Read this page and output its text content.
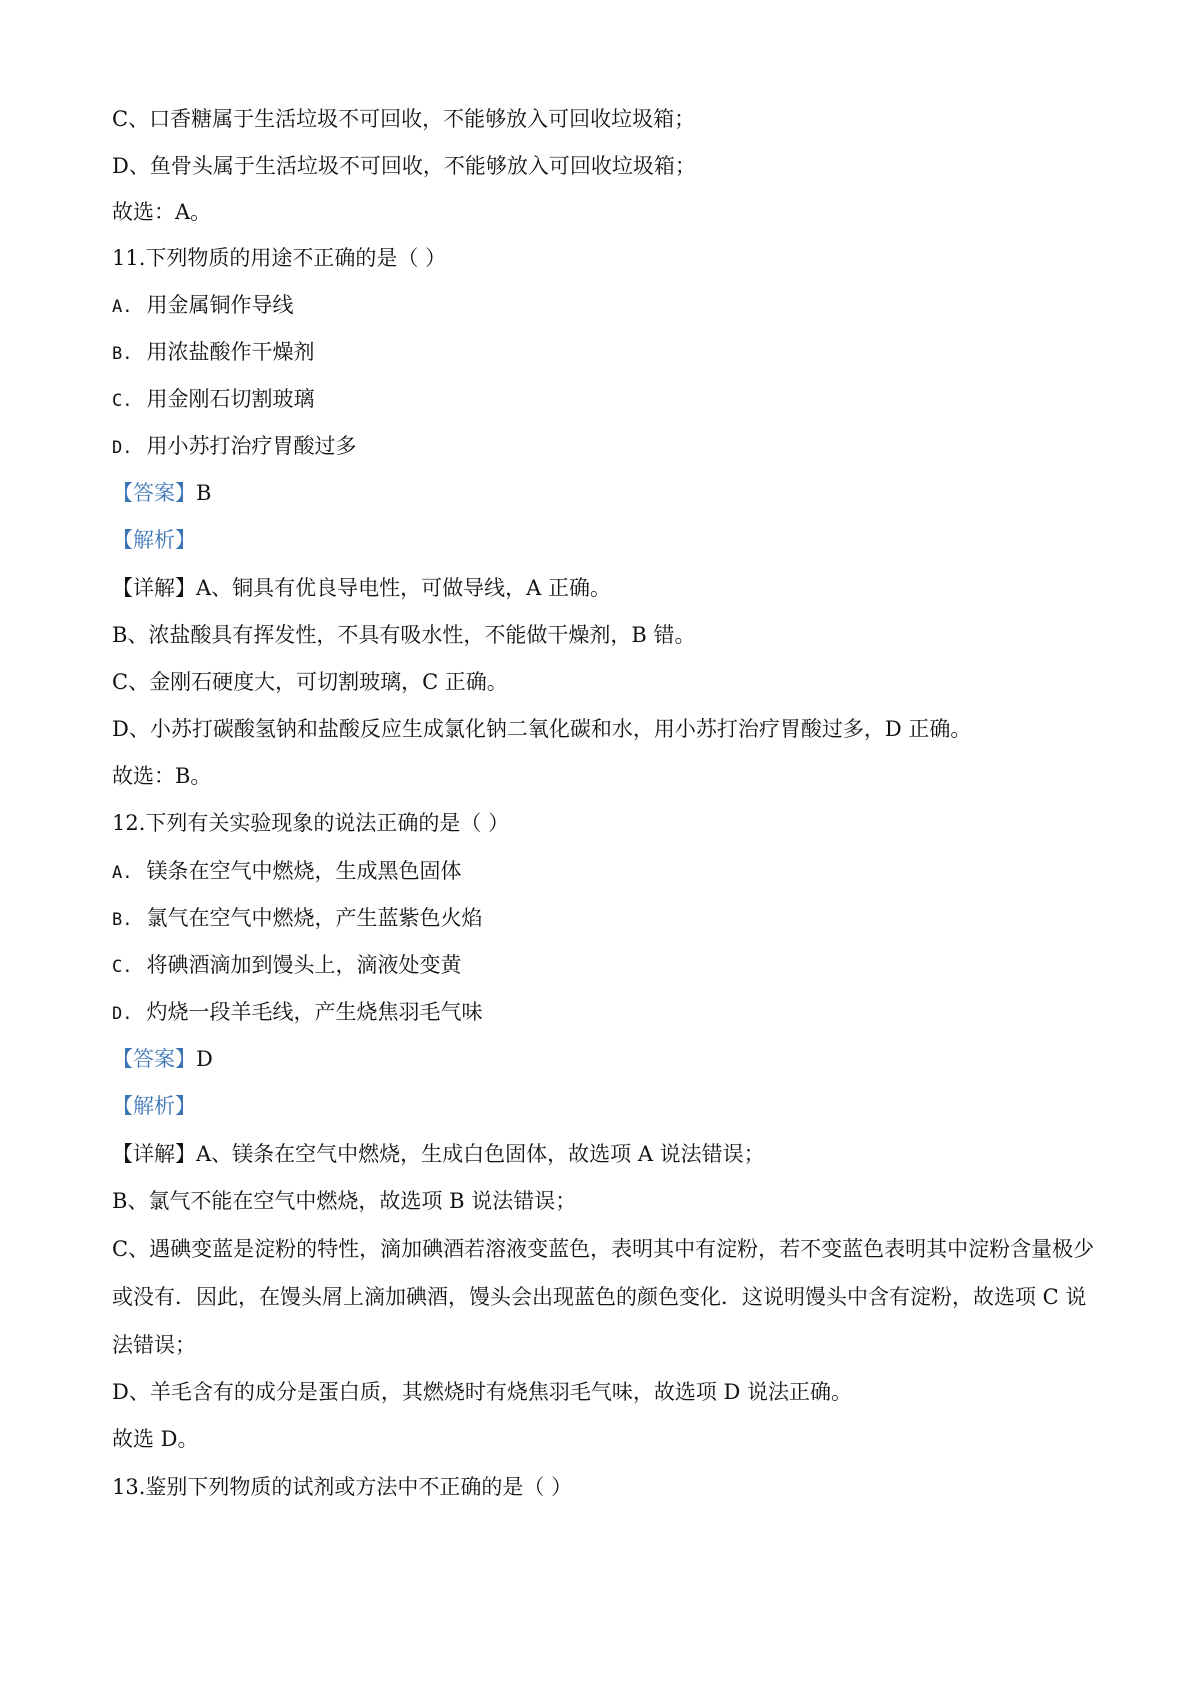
C、口香糖属于生活垃圾不可回收，不能够放入可回收垃圾箱；
D、鱼骨头属于生活垃圾不可回收，不能够放入可回收垃圾箱；
故选：A。
11.下列物质的用途不正确的是（ ）
A. 用金属铜作导线
B. 用浓盐酸作干燥剂
C. 用金刚石切割玻璃
D. 用小苏打治疗胃酸过多
【答案】B
【解析】
【详解】A、铜具有优良导电性，可做导线，A 正确。
B、浓盐酸具有挥发性，不具有吸水性，不能做干燥剂，B 错。
C、金刚石硬度大，可切割玻璃，C 正确。
D、小苏打碳酸氢钠和盐酸反应生成氯化钠二氧化碳和水，用小苏打治疗胃酸过多，D 正确。
故选：B。
12.下列有关实验现象的说法正确的是（ ）
A. 镁条在空气中燃烧，生成黑色固体
B. 氯气在空气中燃烧，产生蓝紫色火焰
C. 将碘酒滴加到馒头上，滴液处变黄
D. 灼烧一段羊毛线，产生烧焦羽毛气味
【答案】D
【解析】
【详解】A、镁条在空气中燃烧，生成白色固体，故选项 A 说法错误；
B、氯气不能在空气中燃烧，故选项 B 说法错误；
C、遇碘变蓝是淀粉的特性，滴加碘酒若溶液变蓝色，表明其中有淀粉，若不变蓝色表明其中淀粉含量极少
或没有．因此，在馒头屑上滴加碘酒，馒头会出现蓝色的颜色变化．这说明馒头中含有淀粉，故选项 C 说
法错误；
D、羊毛含有的成分是蛋白质，其燃烧时有烧焦羽毛气味，故选项 D 说法正确。
故选 D。
13.鉴别下列物质的试剂或方法中不正确的是（ ）
